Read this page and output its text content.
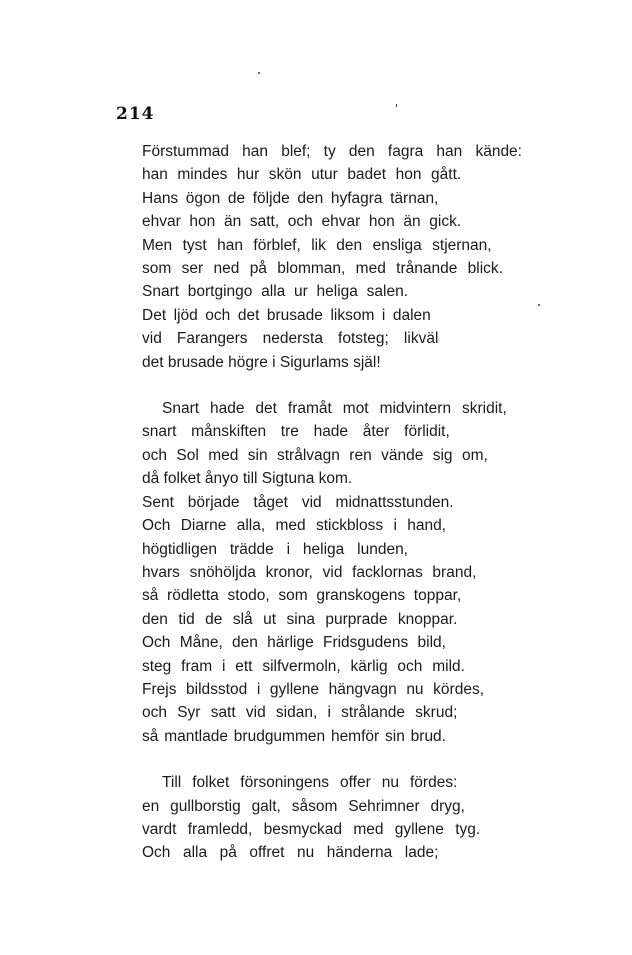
214
Förstummad han blef; ty den fagra han kände:
han mindes hur skön utur badet hon gått.
Hans ögon de följde den hyfagra tärnan,
ehvar hon än satt, och ehvar hon än gick.
Men tyst han förblef, lik den ensliga stjernan,
som ser ned på blomman, med trånande blick.
Snart bortgingo alla ur heliga salen.
Det ljöd och det brusade liksom i dalen
vid Farangers nedersta fotsteg; likväl
det brusade högre i Sigurlams själ!
Snart hade det framåt mot midvintern skridit,
snart månskiften tre hade åter förlidit,
och Sol med sin strålvagn ren vände sig om,
då folket ånyo till Sigtuna kom.
Sent började tåget vid midnattsstunden.
Och Diarne alla, med stickbloss i hand,
högtidligen trädde i heliga lunden,
hvars snöhöljda kronor, vid facklornas brand,
så rödletta stodo, som granskogens toppar,
den tid de slå ut sina purprade knoppar.
Och Måne, den härlige Fridsgudens bild,
steg fram i ett silfvermoln, kärlig och mild.
Frejs bildsstod i gyllene hängvagn nu kördes,
och Syr satt vid sidan, i strålande skrud;
så mantlade brudgummen hemför sin brud.
Till folket försoningens offer nu fördes:
en gullborstig galt, såsom Sehrimner dryg,
vardt framledd, besmyckad med gyllene tyg.
Och alla på offret nu händerna lade;
